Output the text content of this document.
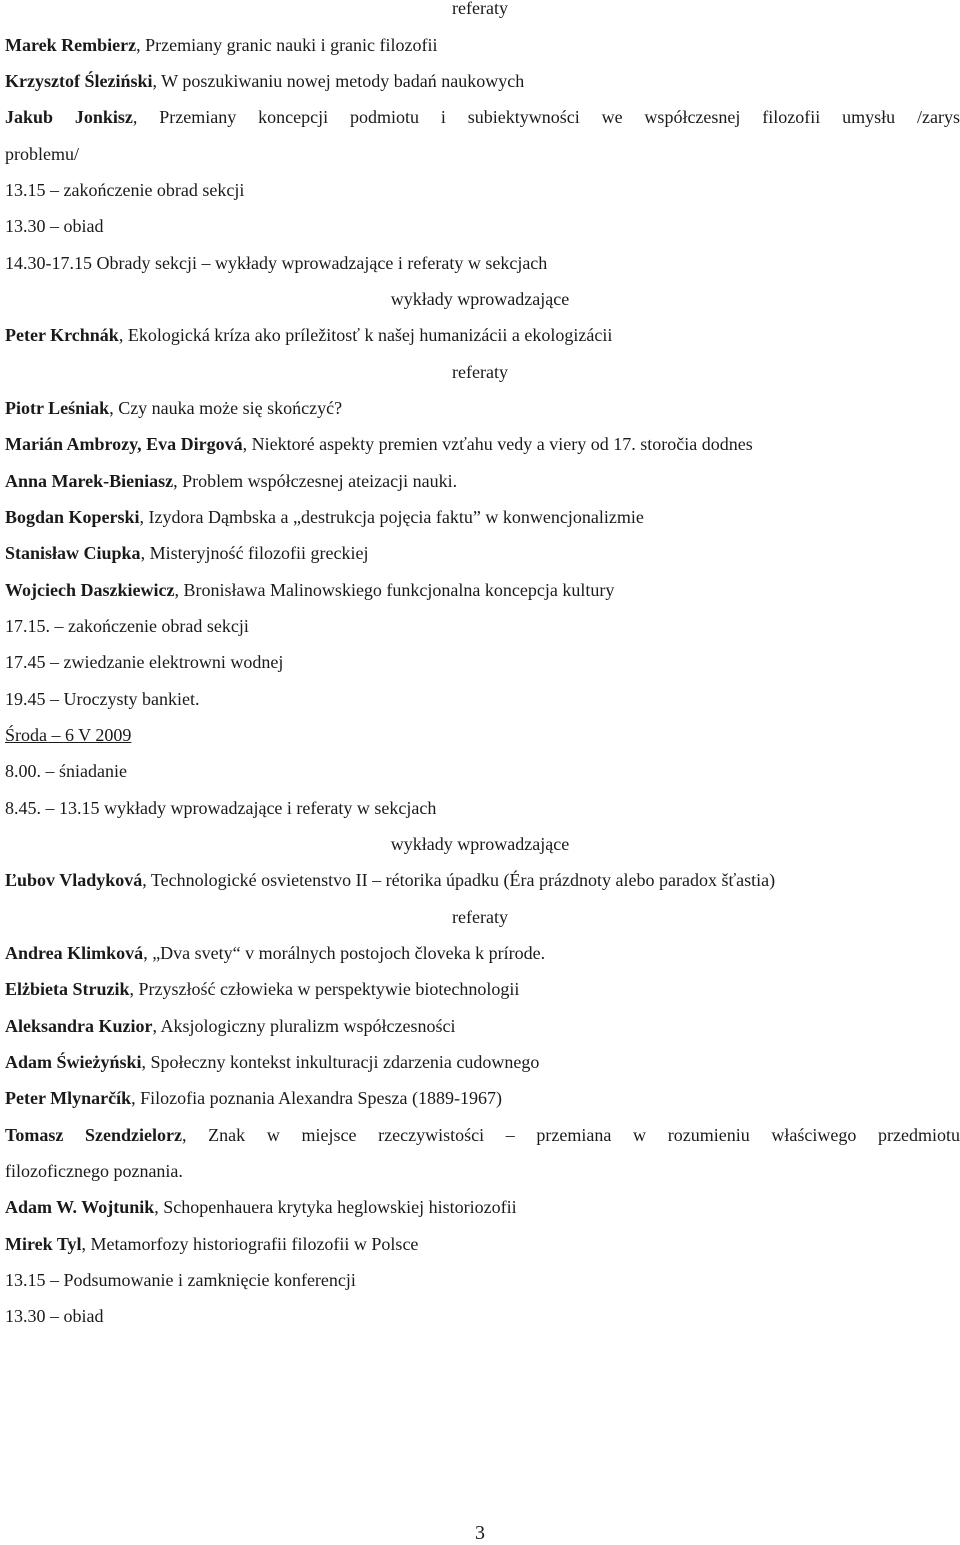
referaty
Marek Rembierz, Przemiany granic nauki i granic filozofii
Krzysztof Śleziński, W poszukiwaniu nowej metody badań naukowych
Jakub Jonkisz, Przemiany koncepcji podmiotu i subiektywności we współczesnej filozofii umysłu /zarys
problemu/
13.15 – zakończenie obrad sekcji
13.30 – obiad
14.30-17.15 Obrady sekcji – wykłady wprowadzające i referaty w sekcjach
wykłady wprowadzające
Peter Krchnák, Ekologická kríza ako príležitosť k našej humanizácii a ekologizácii
referaty
Piotr Leśniak, Czy nauka może się skończyć?
Marián Ambrozy, Eva Dirgová, Niektoré aspekty premien vzťahu vedy a viery od 17. storočia dodnes
Anna Marek-Bieniasz, Problem współczesnej ateizacji nauki.
Bogdan Koperski, Izydora Dąmbska a „destrukcja pojęcia faktu” w konwencjonalizmie
Stanisław Ciupka, Misteryjność filozofii greckiej
Wojciech Daszkiewicz, Bronisława Malinowskiego funkcjonalna koncepcja kultury
17.15. – zakończenie obrad sekcji
17.45 – zwiedzanie elektrowni wodnej
19.45 – Uroczysty bankiet.
Środa – 6 V 2009
8.00. – śniadanie
8.45. – 13.15 wykłady wprowadzające i referaty w sekcjach
wykłady wprowadzające
Ľubov Vladyková, Technologické osvietenstvo II – rétorika úpadku (Éra prázdnoty alebo paradox šťastia)
referaty
Andrea Klimková, „Dva svety“ v morálnych postojoch človeka k prírode.
Elżbieta Struzik, Przyszłość człowieka w perspektywie biotechnologii
Aleksandra Kuzior, Aksjologiczny pluralizm współczesności
Adam Świeżyński, Społeczny kontekst inkulturacji zdarzenia cudownego
Peter Mlynarčík, Filozofia poznania Alexandra Spesza (1889-1967)
Tomasz Szendzielorz, Znak w miejsce rzeczywistości – przemiana w rozumieniu właściwego przedmiotu
filozoficznego poznania.
Adam W. Wojtunik, Schopenhauera krytyka heglowskiej historiozofii
Mirek Tyl, Metamorfozy historiografii filozofii w Polsce
13.15 – Podsumowanie i zamknięcie konferencji
13.30 – obiad
3
